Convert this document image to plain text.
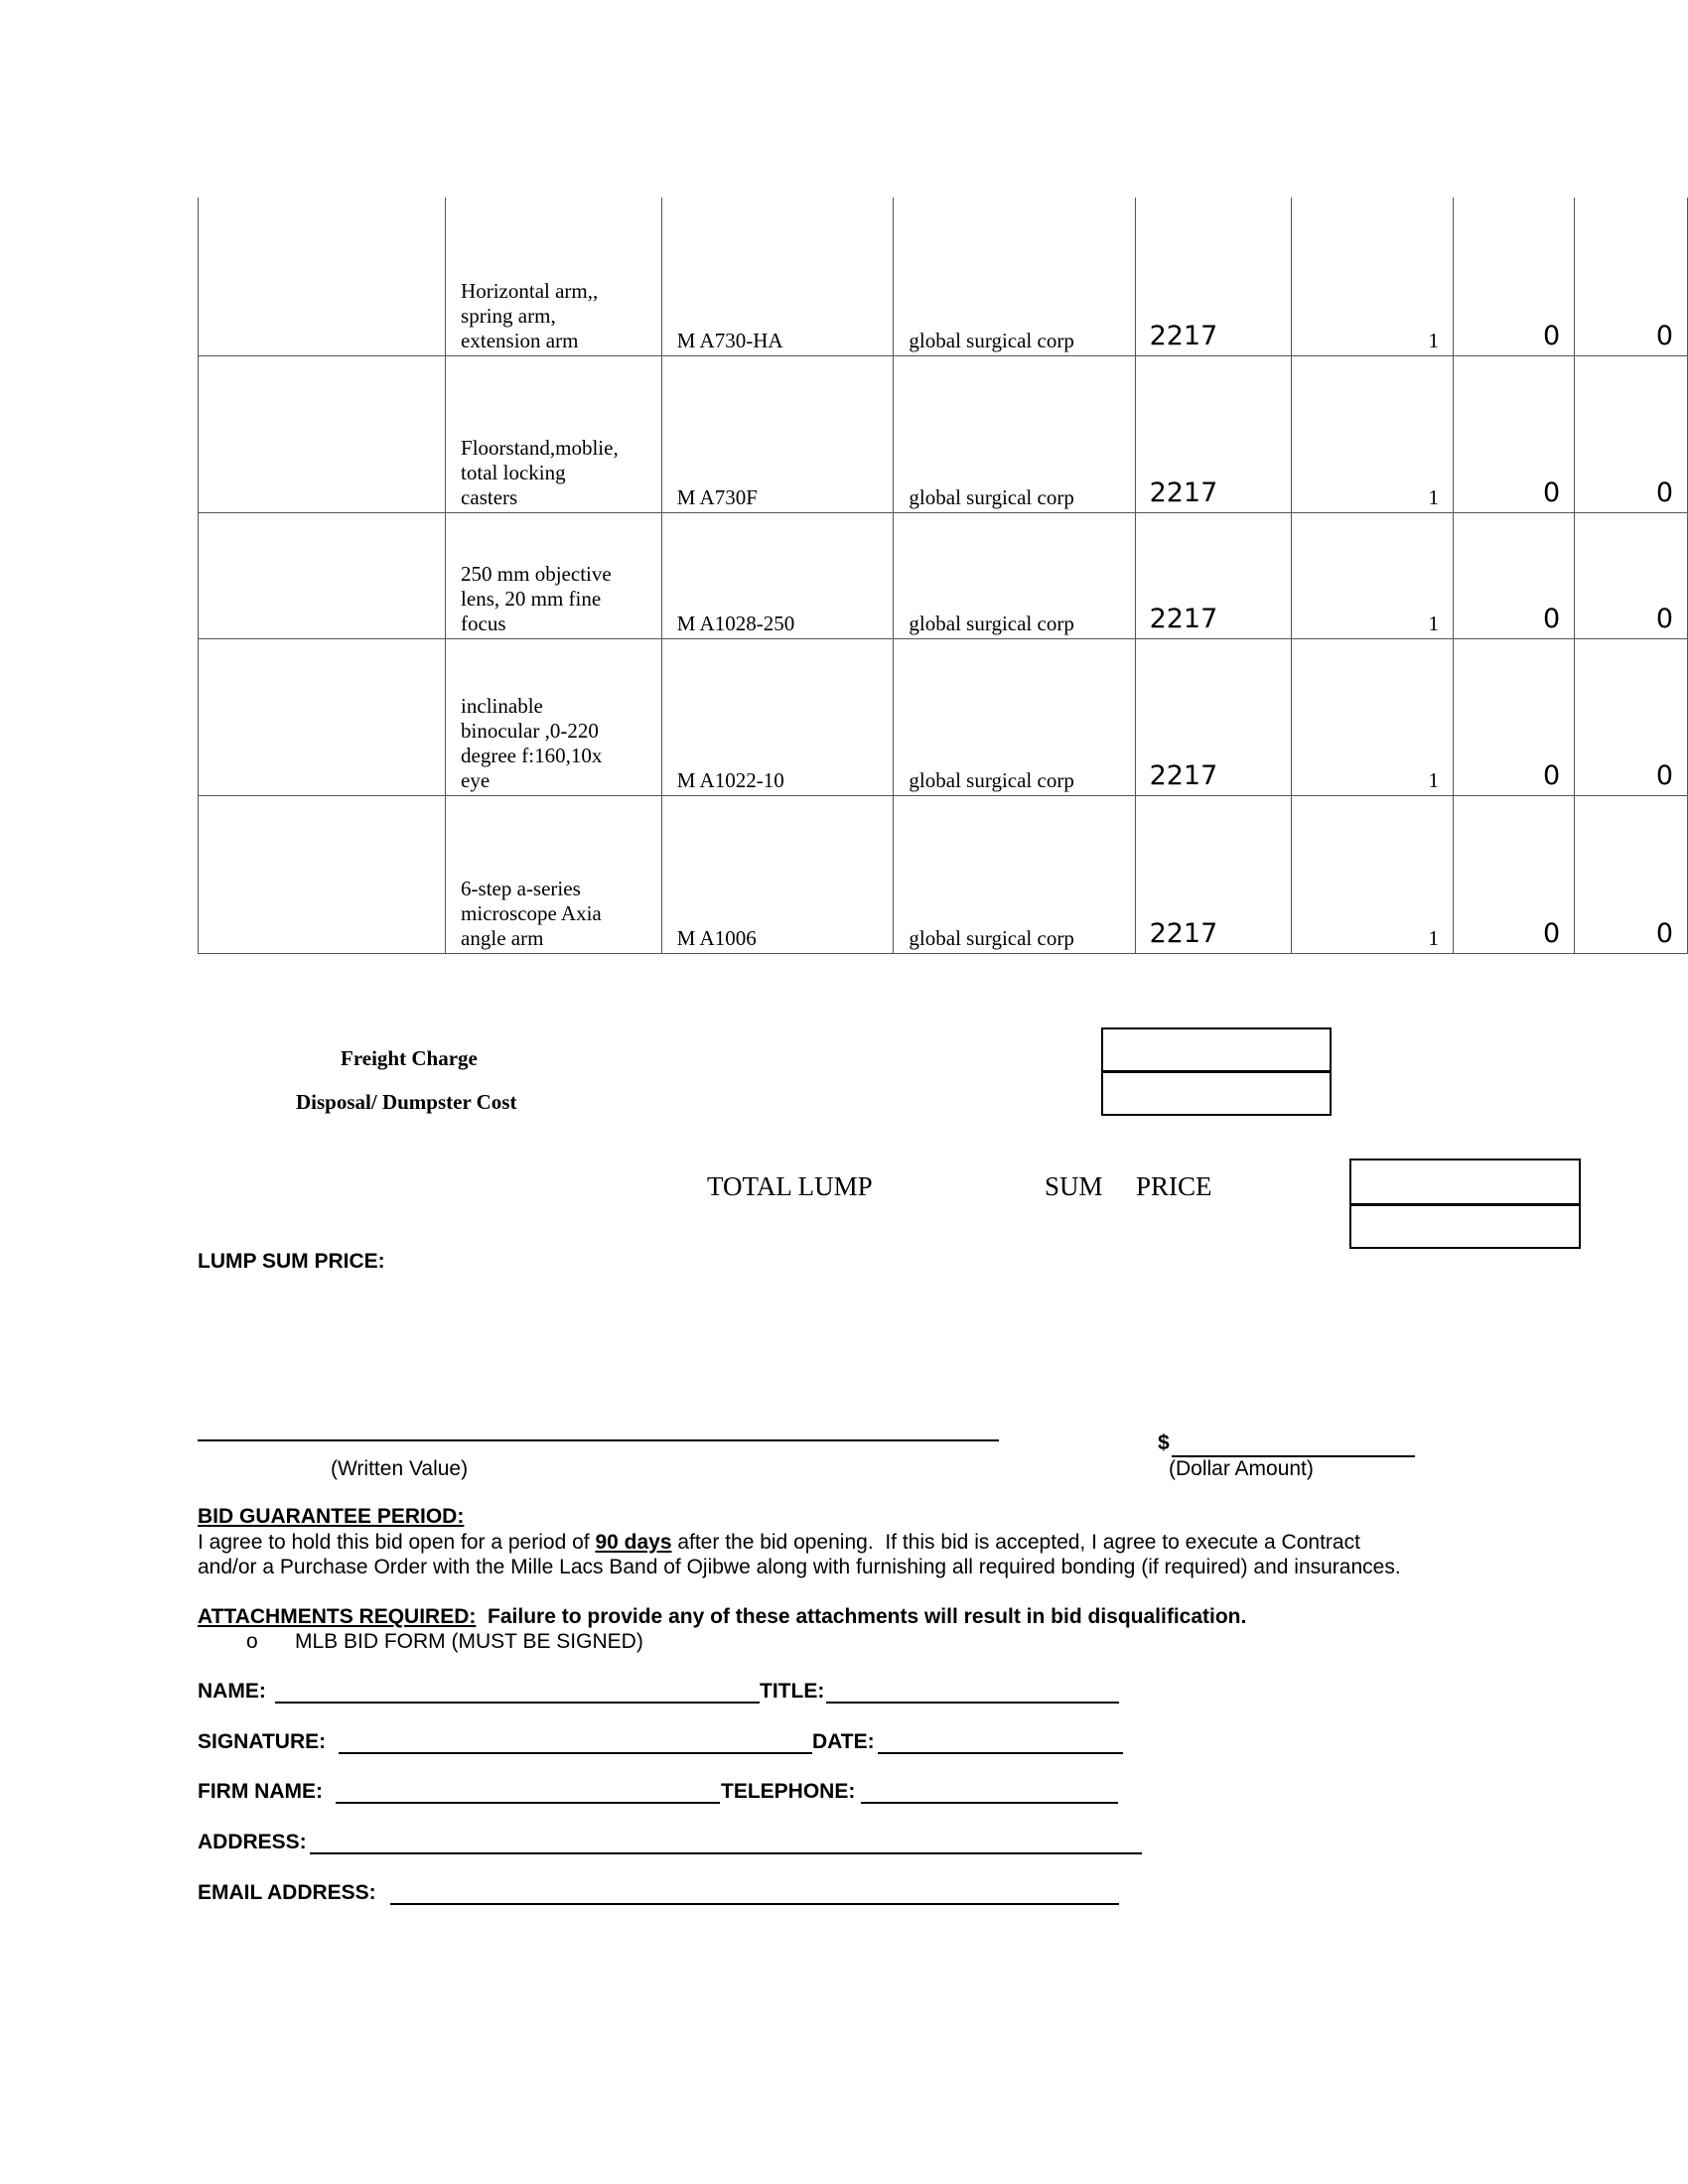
	Horizontal arm,,
spring arm,
extension arm	M A730-HA	global surgical corp	2217	1	0	0
	Floorstand,moblie,
total locking
casters	M A730F	global surgical corp	2217	1	0	0
	250 mm objective
lens, 20 mm fine
focus	M A1028-250	global surgical corp	2217	1	0	0
	inclinable
binocular ,0-220
degree f:160,10x
eye	M A1022-10	global surgical corp	2217	1	0	0
	6-step a-series
microscope Axia
angle arm	M A1006	global surgical corp	2217	1	0	0
Freight Charge
Disposal/ Dumpster Cost
TOTAL LUMP	SUM PRICE
LUMP SUM PRICE:
(Written Value)
$
(Dollar Amount)
BID GUARANTEE PERIOD:
I agree to hold this bid open for a period of 90 days after the bid opening.  If this bid is accepted, I agree to execute a Contract
and/or a Purchase Order with the Mille Lacs Band of Ojibwe along with furnishing all required bonding (if required) and insurances.
ATTACHMENTS REQUIRED:  Failure to provide any of these attachments will result in bid disqualification.
o MLB BID FORM (MUST BE SIGNED)
NAME:	TITLE:
SIGNATURE:	DATE:
FIRM NAME:	TELEPHONE:
ADDRESS:
EMAIL ADDRESS:
